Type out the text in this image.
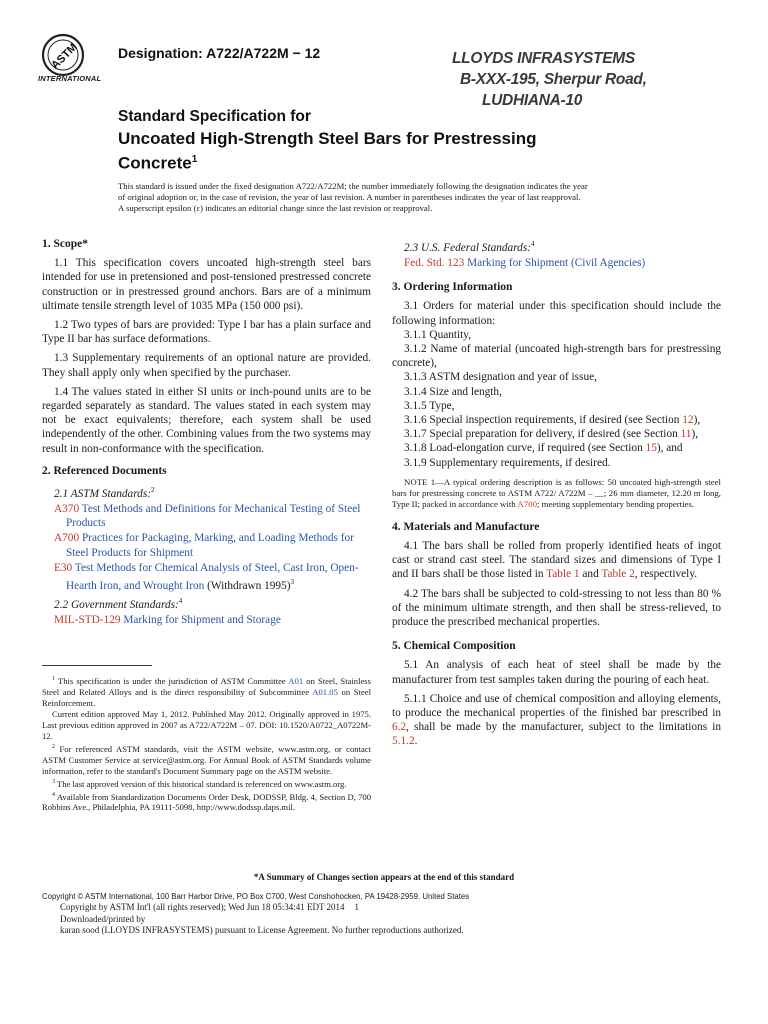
ASTM
INTERNATIONAL
Designation: A722/A722M − 12	LLOYDS INFRASYSTEMS
B-XXX-195, Sherpur Road,
LUDHIANA-10
Standard Specification for
Uncoated High-Strength Steel Bars for Prestressing
Concrete$^1$
This standard is issued under the fixed designation A722/A722M; the number immediately following the designation indicates the year
of original adoption or, in the case of revision, the year of last revision. A number in parentheses indicates the year of last reapproval.
A superscript epsilon (ε) indicates an editorial change since the last revision or reapproval.
1. Scope*

1.1 This specification covers uncoated high-strength steel bars intended for use in pretensioned and post-tensioned prestressed concrete construction or in prestressed ground anchors. Bars are of a minimum ultimate tensile strength level of 1035 MPa (150 000 psi).

1.2 Two types of bars are provided: Type I bar has a plain surface and Type II bar has surface deformations.

1.3 Supplementary requirements of an optional nature are provided. They shall apply only when specified by the purchaser.

1.4 The values stated in either SI units or inch-pound units are to be regarded separately as standard. The values stated in each system may not be exact equivalents; therefore, each system shall be used independently of the other. Combining values from the two systems may result in non-conformance with the specification.

2. Referenced Documents

2.1 ASTM Standards:$^2$

A370 Test Methods and Definitions for Mechanical Testing of Steel Products

A700 Practices for Packaging, Marking, and Loading Methods for Steel Products for Shipment

E30 Test Methods for Chemical Analysis of Steel, Cast Iron, Open-Hearth Iron, and Wrought Iron (Withdrawn 1995)$^3$

2.2 Government Standards:$^4$

MIL-STD-129 Marking for Shipment and Storage

$^1$ This specification is under the jurisdiction of ASTM Committee A01 on Steel, Stainless Steel and Related Alloys and is the direct responsibility of Subcommittee A01.05 on Steel Reinforcement.

Current edition approved May 1, 2012. Published May 2012. Originally approved in 1975. Last previous edition approved in 2007 as A722/A722M – 07. DOI: 10.1520/A0722_A0722M-12.

$^2$ For referenced ASTM standards, visit the ASTM website, www.astm.org, or contact ASTM Customer Service at service@astm.org. For Annual Book of ASTM Standards volume information, refer to the standard's Document Summary page on the ASTM website.

$^3$ The last approved version of this historical standard is referenced on www.astm.org.

$^4$ Available from Standardization Documents Order Desk, DODSSP, Bldg. 4, Section D, 700 Robbins Ave., Philadelphia, PA 19111-5098, http://www.dodssp.daps.mil.

2.3 U.S. Federal Standards:$^4$

Fed. Std. 123 Marking for Shipment (Civil Agencies)

3. Ordering Information

3.1 Orders for material under this specification should include the following information:

3.1.1 Quantity,

3.1.2 Name of material (uncoated high-strength bars for prestressing concrete),

3.1.3 ASTM designation and year of issue,

3.1.4 Size and length,

3.1.5 Type,

3.1.6 Special inspection requirements, if desired (see Section 12),

3.1.7 Special preparation for delivery, if desired (see Section 11),

3.1.8 Load-elongation curve, if required (see Section 15), and

3.1.9 Supplementary requirements, if desired.

NOTE 1—A typical ordering description is as follows: 50 uncoated high-strength steel bars for prestressing concrete to ASTM A722/ A722M – __; 26 mm diameter, 12.20 m long, Type II; packed in accordance with A700; meeting supplementary bending properties.

4. Materials and Manufacture

4.1 The bars shall be rolled from properly identified heats of ingot cast or strand cast steel. The standard sizes and dimensions of Type I and II bars shall be those listed in Table 1 and Table 2, respectively.

4.2 The bars shall be subjected to cold-stressing to not less than 80 % of the minimum ultimate strength, and then shall be stress-relieved, to produce the prescribed mechanical properties.

5. Chemical Composition

5.1 An analysis of each heat of steel shall be made by the manufacturer from test samples taken during the pouring of each heat.

5.1.1 Choice and use of chemical composition and alloying elements, to produce the mechanical properties of the finished bar prescribed in 6.2, shall be made by the manufacturer, subject to the limitations in 5.1.2.

*A Summary of Changes section appears at the end of this standard
Copyright © ASTM International, 100 Barr Harbor Drive, PO Box C700, West Conshohocken, PA 19428-2959. United States
Copyright by ASTM Int'l (all rights reserved); Wed Jun 18 05:34:41 EDT 2014 1
Downloaded/printed by
karan sood (LLOYDS INFRASYSTEMS) pursuant to License Agreement. No further reproductions authorized.
